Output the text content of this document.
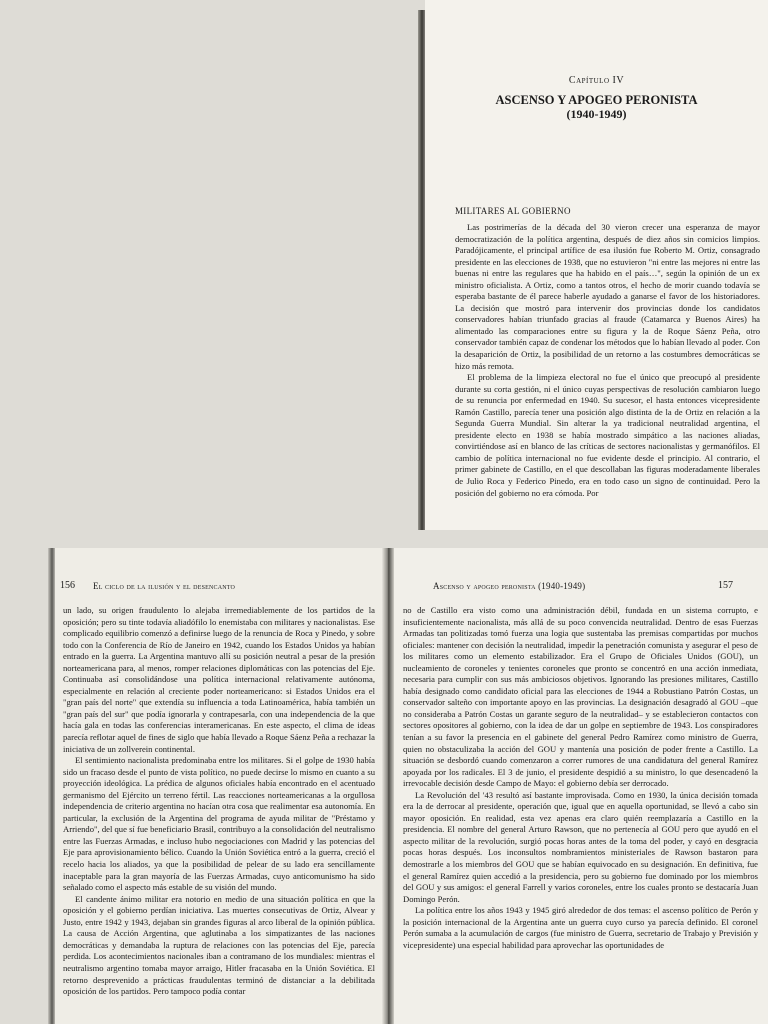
Capítulo IV
ASCENSO Y APOGEO PERONISTA
(1940-1949)
MILITARES AL GOBIERNO

Las postrimerías de la década del 30 vieron crecer una esperanza de mayor democratización de la política argentina, después de diez años sin comicios limpios. Paradójicamente, el principal artífice de esa ilusión fue Roberto M. Ortiz, consagrado presidente en las elecciones de 1938, que no estuvieron "ni entre las mejores ni entre las buenas ni entre las regulares que ha habido en el país…", según la opinión de un ex ministro oficialista. A Ortiz, como a tantos otros, el hecho de morir cuando todavía se esperaba bastante de él parece haberle ayudado a ganarse el favor de los historiadores. La decisión que mostró para intervenir dos provincias donde los candidatos conservadores habían triunfado gracias al fraude (Catamarca y Buenos Aires) ha alimentado las comparaciones entre su figura y la de Roque Sáenz Peña, otro conservador también capaz de condenar los métodos que lo habían llevado al poder. Con la desaparición de Ortiz, la posibilidad de un retorno a las costumbres democráticas se hizo más remota.

El problema de la limpieza electoral no fue el único que preocupó al presidente durante su corta gestión, ni el único cuyas perspectivas de resolución cambiaron luego de su renuncia por enfermedad en 1940. Su sucesor, el hasta entonces vicepresidente Ramón Castillo, parecía tener una posición algo distinta de la de Ortiz en relación a la Segunda Guerra Mundial. Sin alterar la ya tradicional neutralidad argentina, el presidente electo en 1938 se había mostrado simpático a las naciones aliadas, convirtiéndose así en blanco de las críticas de sectores nacionalistas y germanófilos. El cambio de política internacional no fue evidente desde el principio. Al contrario, el primer gabinete de Castillo, en el que descollaban las figuras moderadamente liberales de Julio Roca y Federico Pinedo, era en todo caso un signo de continuidad. Pero la posición del gobierno no era cómoda. Por

156 El ciclo de la ilusión y el desencanto

un lado, su origen fraudulento lo alejaba irremediablemente de los partidos de la oposición; pero su tinte todavía aliadófilo lo enemistaba con militares y nacionalistas. Ese complicado equilibrio comenzó a definirse luego de la renuncia de Roca y Pinedo, y sobre todo con la Conferencia de Río de Janeiro en 1942, cuando los Estados Unidos ya habían entrado en la guerra. La Argentina mantuvo allí su posición neutral a pesar de la presión norteamericana para, al menos, romper relaciones diplomáticas con las potencias del Eje. Continuaba así consolidándose una política internacional relativamente autónoma, especialmente en relación al creciente poder norteamericano: si Estados Unidos era el "gran país del norte" que extendía su influencia a toda Latinoamérica, había también un "gran país del sur" que podía ignorarla y contrapesarla, con una independencia de la que hacía gala en todas las conferencias interamericanas. En este aspecto, el clima de ideas parecía reflotar aquel de fines de siglo que había llevado a Roque Sáenz Peña a rechazar la iniciativa de un zollverein continental.

El sentimiento nacionalista predominaba entre los militares. Si el golpe de 1930 había sido un fracaso desde el punto de vista político, no puede decirse lo mismo en cuanto a su proyección ideológica. La prédica de algunos oficiales había encontrado en el acentuado germanismo del Ejército un terreno fértil. Las reacciones norteamericanas a la orgullosa independencia de criterio argentina no hacían otra cosa que realimentar esa autonomía. En particular, la exclusión de la Argentina del programa de ayuda militar de "Préstamo y Arriendo", del que sí fue beneficiario Brasil, contribuyo a la consolidación del neutralismo entre las Fuerzas Armadas, e incluso hubo negociaciones con Madrid y las potencias del Eje para aprovisionamiento bélico. Cuando la Unión Soviética entró a la guerra, creció el recelo hacia los aliados, ya que la posibilidad de pelear de su lado era sencillamente inaceptable para la gran mayoría de las Fuerzas Armadas, cuyo anticomunismo ha sido señalado como el aspecto más estable de su visión del mundo.

El candente ánimo militar era notorio en medio de una situación política en que la oposición y el gobierno perdían iniciativa. Las muertes consecutivas de Ortiz, Alvear y Justo, entre 1942 y 1943, dejaban sin grandes figuras al arco liberal de la opinión pública. La causa de Acción Argentina, que aglutinaba a los simpatizantes de las naciones democráticas y demandaba la ruptura de relaciones con las potencias del Eje, parecía perdida. Los acontecimientos nacionales iban a contramano de los mundiales: mientras el neutralismo argentino tomaba mayor arraigo, Hitler fracasaba en la Unión Soviética. El retorno desprevenido a prácticas fraudulentas terminó de distanciar a la debilitada oposición de los partidos. Pero tampoco podía contar

Ascenso y apogeo peronista (1940-1949)	157

no de Castillo era visto como una administración débil, fundada en un sistema corrupto, e insuficientemente nacionalista, más allá de su poco convencida neutralidad. Dentro de esas Fuerzas Armadas tan politizadas tomó fuerza una logia que sustentaba las premisas compartidas por muchos oficiales: mantener con decisión la neutralidad, impedir la penetración comunista y asegurar el peso de los militares como un elemento estabilizador. Era el Grupo de Oficiales Unidos (GOU), un nucleamiento de coroneles y tenientes coroneles que pronto se concentró en una acción inmediata, necesaria para cumplir con sus más ambiciosos objetivos. Ignorando las presiones militares, Castillo había designado como candidato oficial para las elecciones de 1944 a Robustiano Patrón Costas, un conservador salteño con importante apoyo en las provincias. La designación desagradó al GOU –que no consideraba a Patrón Costas un garante seguro de la neutralidad– y se establecieron contactos con sectores opositores al gobierno, con la idea de dar un golpe en septiembre de 1943. Los conspiradores tenían a su favor la presencia en el gabinete del general Pedro Ramírez como ministro de Guerra, quien no obstaculizaba la acción del GOU y mantenía una posición de poder frente a Castillo. La situación se desbordó cuando comenzaron a correr rumores de una candidatura del general Ramírez apoyada por los radicales. El 3 de junio, el presidente despidió a su ministro, lo que desencadenó la irrevocable decisión desde Campo de Mayo: el gobierno debía ser derrocado.

La Revolución del '43 resultó así bastante improvisada. Como en 1930, la única decisión tomada era la de derrocar al presidente, operación que, igual que en aquella oportunidad, se llevó a cabo sin mayor oposición. En realidad, esta vez apenas era claro quién reemplazaría a Castillo en la presidencia. El nombre del general Arturo Rawson, que no pertenecía al GOU pero que ayudó en el aspecto militar de la revolución, surgió pocas horas antes de la toma del poder, y cayó en desgracia pocas horas después. Los inconsultos nombramientos ministeriales de Rawson bastaron para demostrarle a los miembros del GOU que se habían equivocado en su designación. En definitiva, fue el general Ramírez quien accedió a la presidencia, pero su gobierno fue dominado por los miembros del GOU y sus amigos: el general Farrell y varios coroneles, entre los cuales pronto se destacaría Juan Domingo Perón.

La política entre los años 1943 y 1945 giró alrededor de dos temas: el ascenso político de Perón y la posición internacional de la Argentina ante un guerra cuyo curso ya parecía definido. El coronel Perón sumaba a la acumulación de cargos (fue ministro de Guerra, secretario de Trabajo y Previsión y vicepresidente) una especial habilidad para aprovechar las oportunidades de
